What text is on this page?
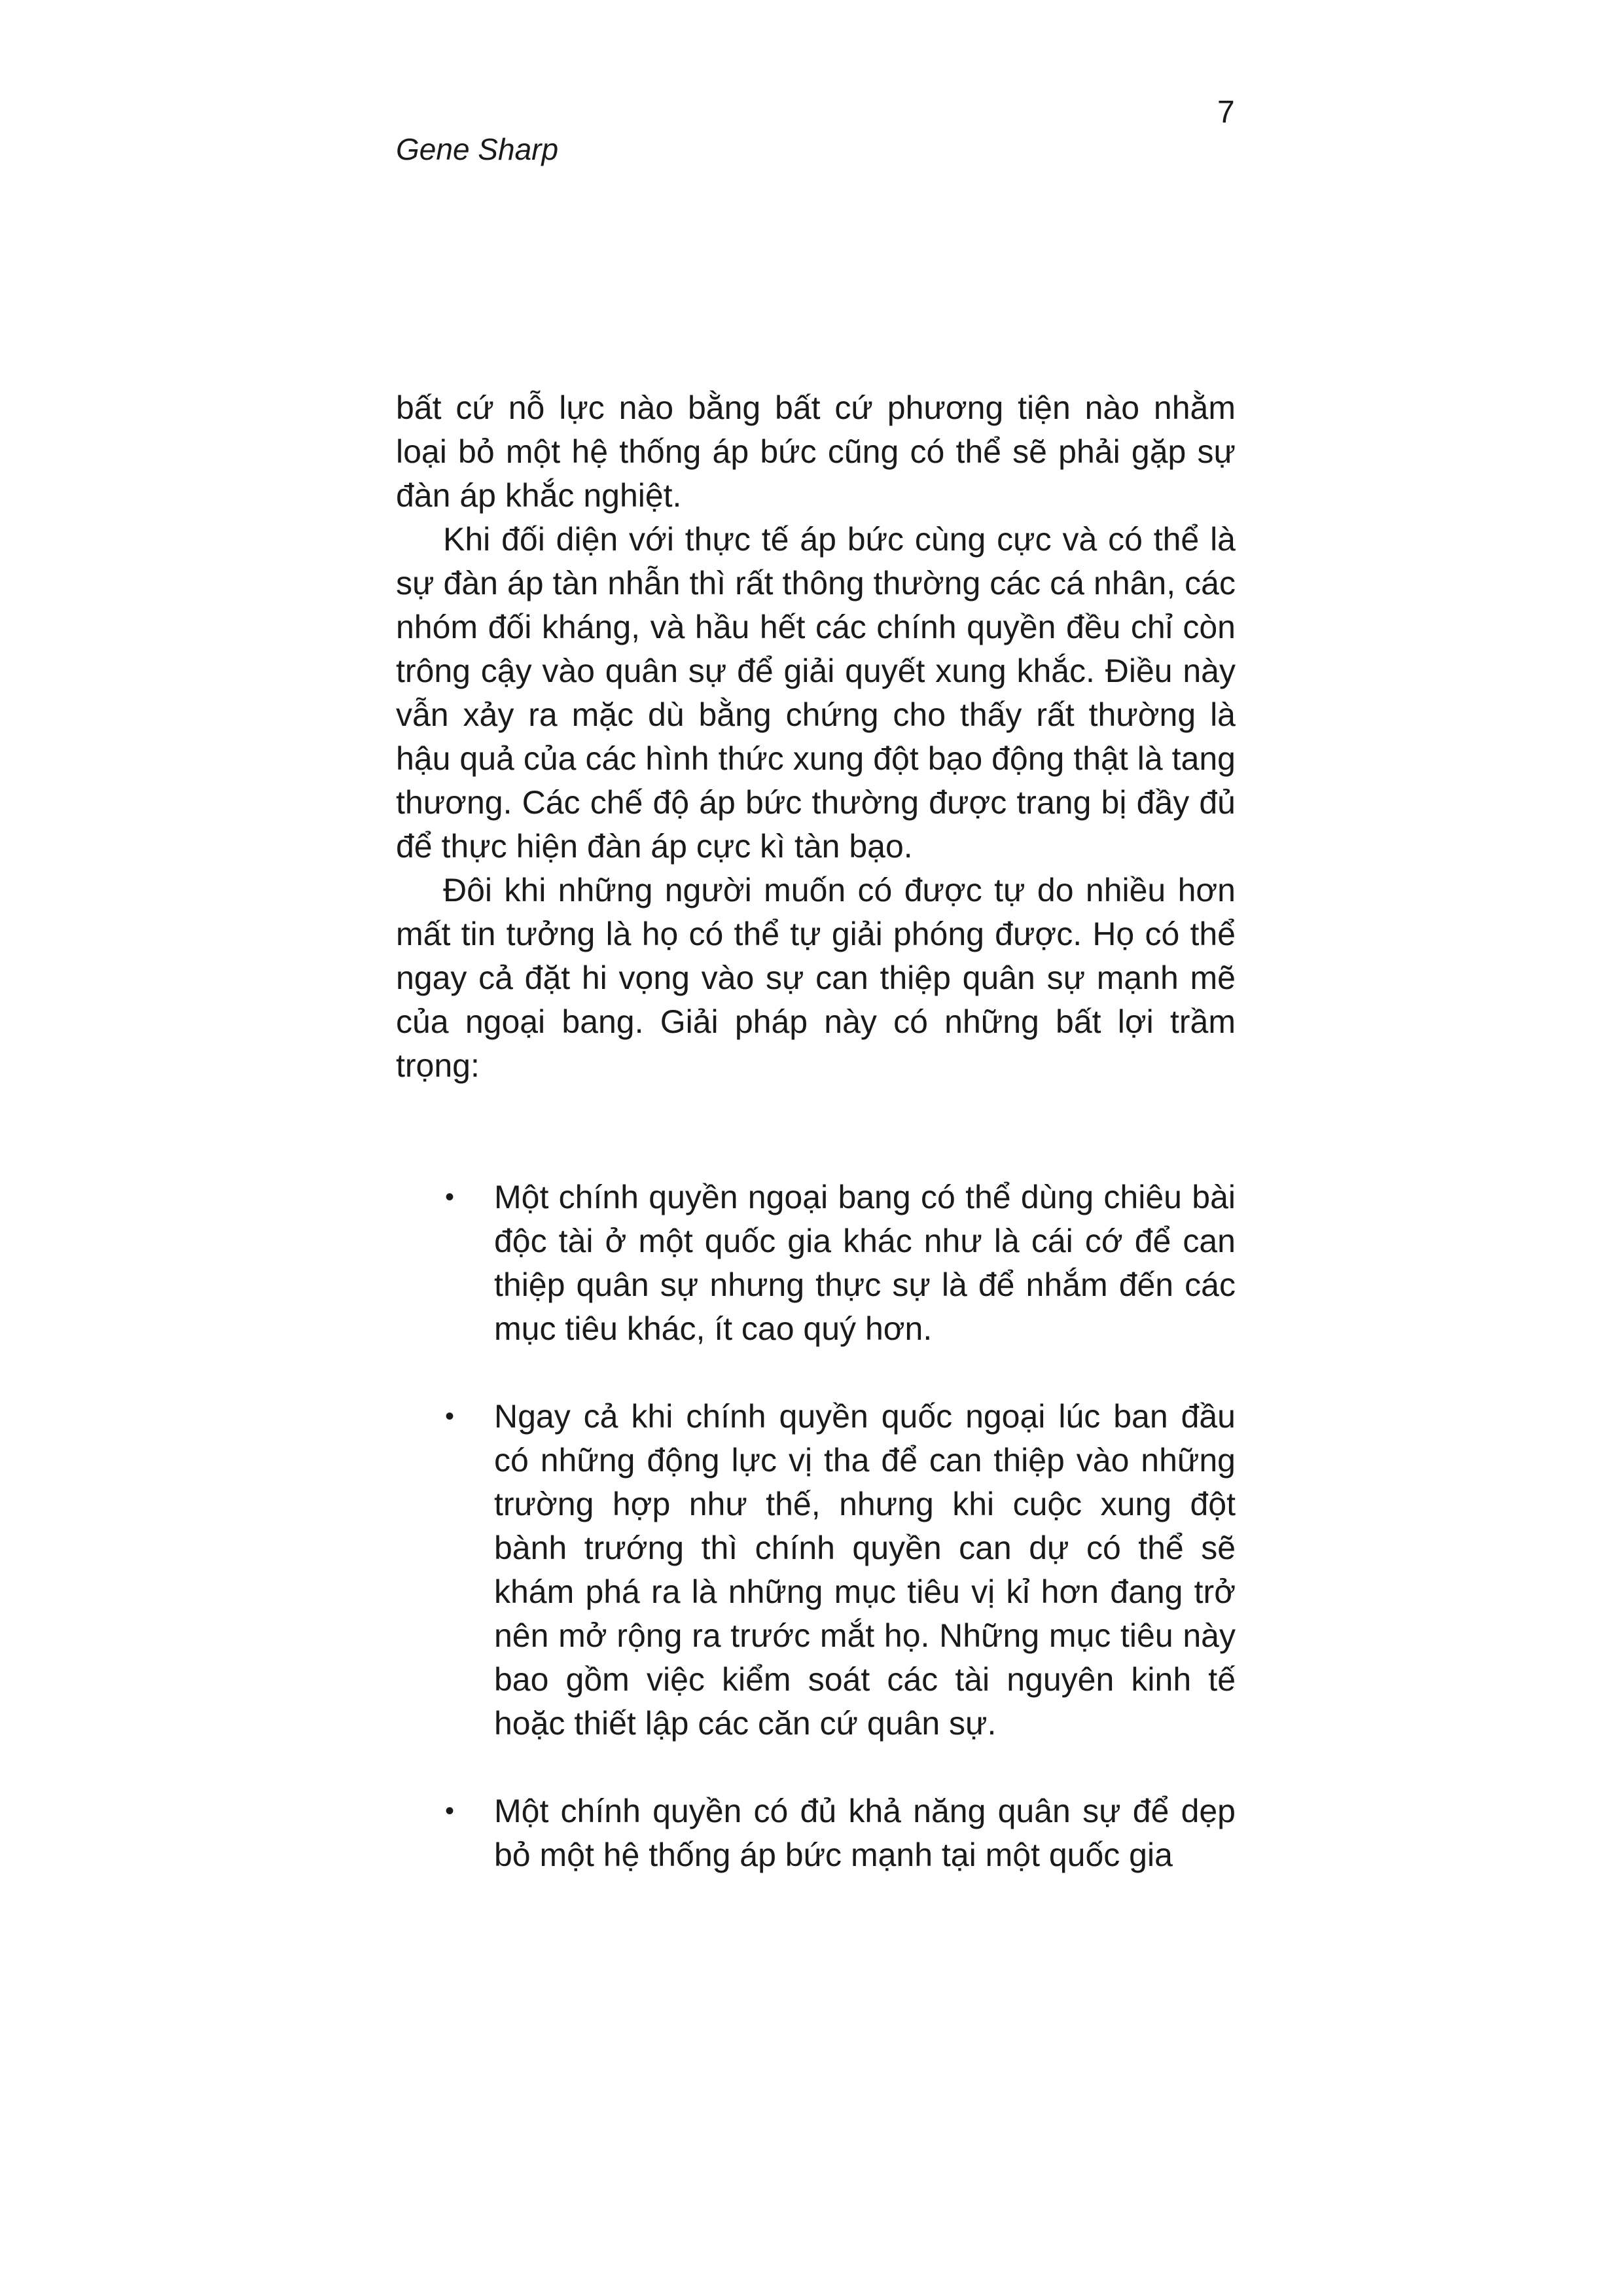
7
Gene Sharp

bất cứ nỗ lực nào bằng bất cứ phương tiện nào nhằm loại bỏ một hệ thống áp bức cũng có thể sẽ phải gặp sự đàn áp khắc nghiệt.

Khi đối diện với thực tế áp bức cùng cực và có thể là sự đàn áp tàn nhẫn thì rất thông thường các cá nhân, các nhóm đối kháng, và hầu hết các chính quyền đều chỉ còn trông cậy vào quân sự để giải quyết xung khắc. Điều này vẫn xảy ra mặc dù bằng chứng cho thấy rất thường là hậu quả của các hình thức xung đột bạo động thật là tang thương. Các chế độ áp bức thường được trang bị đầy đủ để thực hiện đàn áp cực kì tàn bạo.

Đôi khi những người muốn có được tự do nhiều hơn mất tin tưởng là họ có thể tự giải phóng được. Họ có thể ngay cả đặt hi vọng vào sự can thiệp quân sự mạnh mẽ của ngoại bang. Giải pháp này có những bất lợi trầm trọng:

• Một chính quyền ngoại bang có thể dùng chiêu bài độc tài ở một quốc gia khác như là cái cớ để can thiệp quân sự nhưng thực sự là để nhắm đến các mục tiêu khác, ít cao quý hơn.
• Ngay cả khi chính quyền quốc ngoại lúc ban đầu có những động lực vị tha để can thiệp vào những trường hợp như thế, nhưng khi cuộc xung đột bành trướng thì chính quyền can dự có thể sẽ khám phá ra là những mục tiêu vị kỉ hơn đang trở nên mở rộng ra trước mắt họ. Những mục tiêu này bao gồm việc kiểm soát các tài nguyên kinh tế hoặc thiết lập các căn cứ quân sự.
• Một chính quyền có đủ khả năng quân sự để dẹp bỏ một hệ thống áp bức mạnh tại một quốc gia
